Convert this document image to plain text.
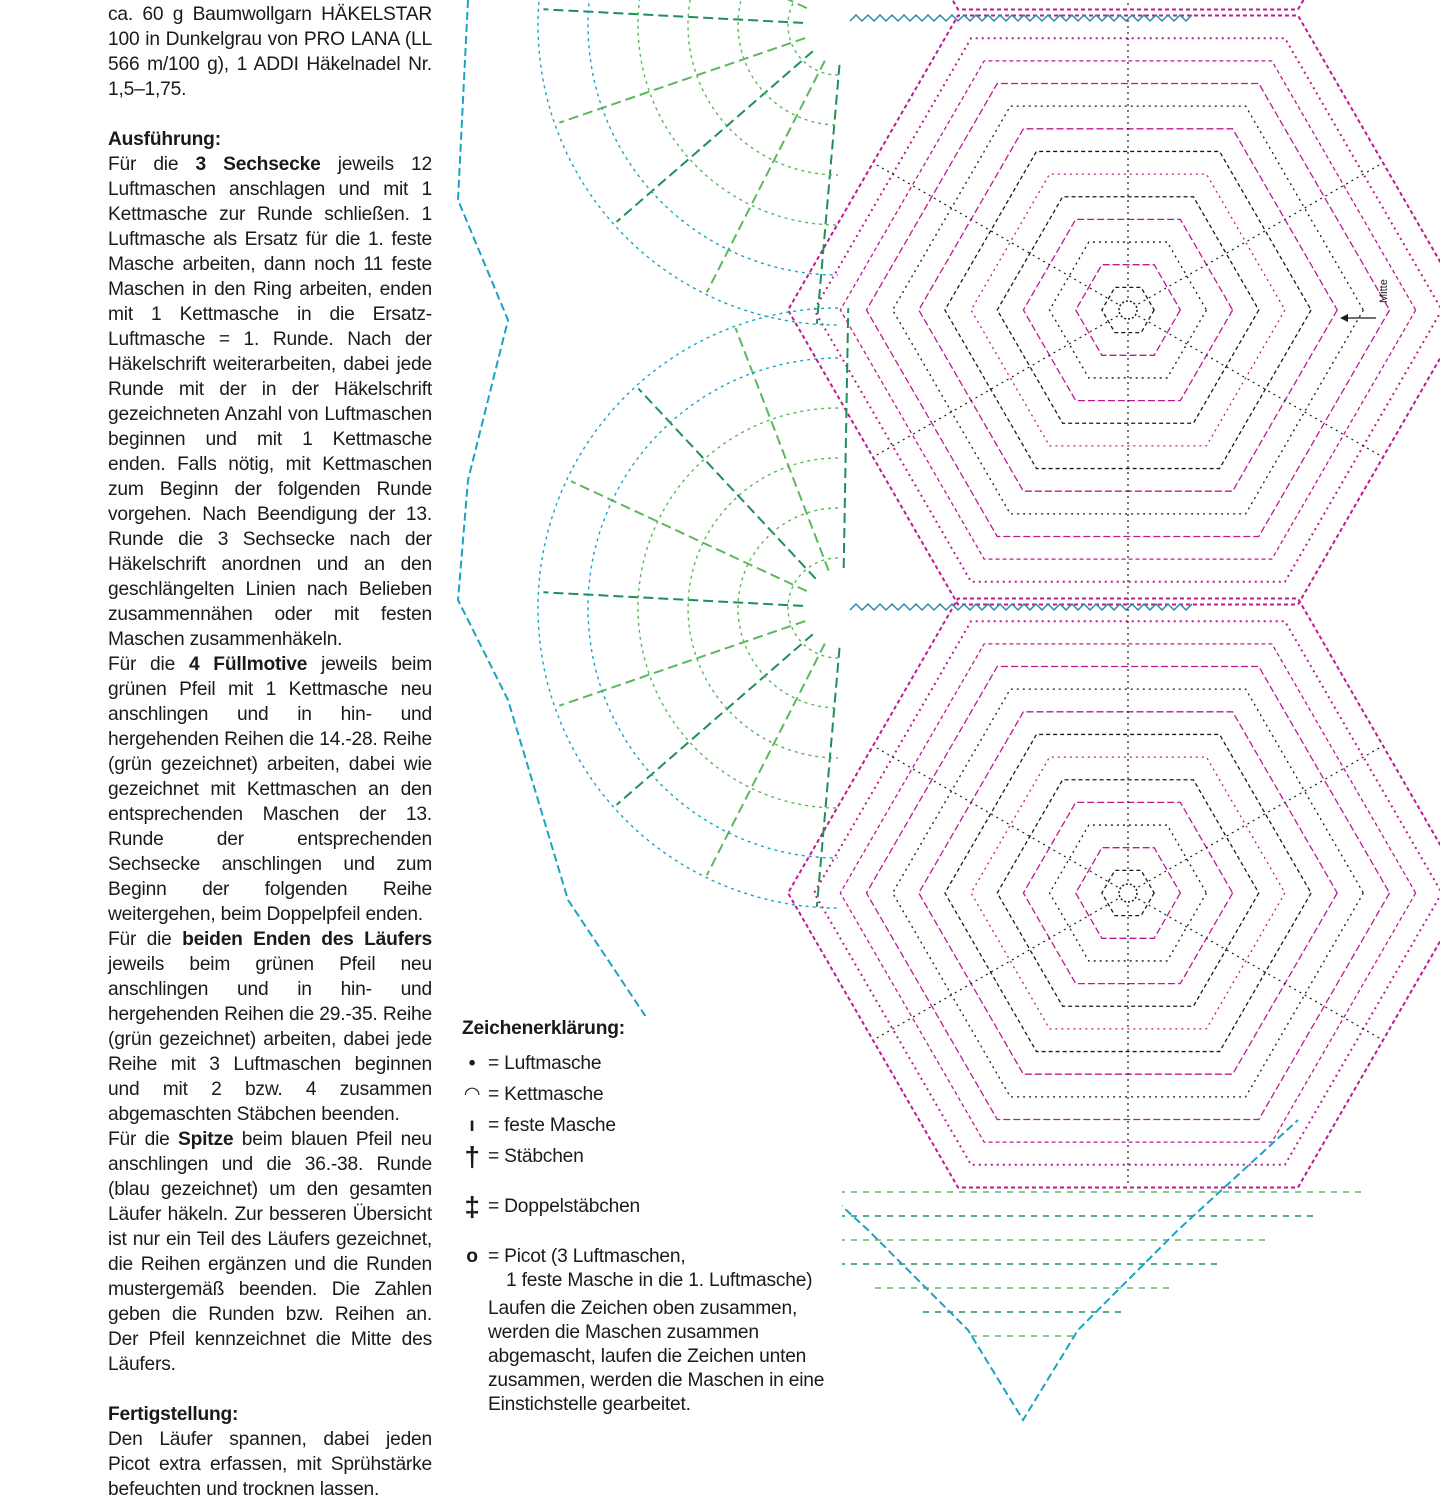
ca. 60 g Baumwollgarn HÄKELSTAR 100 in Dunkelgrau von PRO LANA (LL 566 m/100 g), 1 ADDI Häkelnadel Nr. 1,5–1,75.

Ausführung:

Für die 3 Sechsecke jeweils 12 Luftmaschen anschlagen und mit 1 Kettmasche zur Runde schließen. 1 Luftmasche als Ersatz für die 1. feste Masche arbeiten, dann noch 11 feste Maschen in den Ring arbeiten, enden mit 1 Kettmasche in die Ersatz-Luftmasche = 1. Runde. Nach der Häkelschrift weiterarbeiten, dabei jede Runde mit der in der Häkelschrift gezeichneten Anzahl von Luftmaschen beginnen und mit 1 Kettmasche enden. Falls nötig, mit Kettmaschen zum Beginn der folgenden Runde vorgehen. Nach Beendigung der 13. Runde die 3 Sechsecke nach der Häkelschrift anordnen und an den geschlängelten Linien nach Belieben zusammennähen oder mit festen Maschen zusammenhäkeln.

Für die 4 Füllmotive jeweils beim grünen Pfeil mit 1 Kettmasche neu anschlingen und in hin- und hergehenden Reihen die 14.-28. Reihe (grün gezeichnet) arbeiten, dabei wie gezeichnet mit Kettmaschen an den entsprechenden Maschen der 13. Runde der entsprechenden Sechsecke anschlingen und zum Beginn der folgenden Reihe weitergehen, beim Doppelpfeil enden.

Für die beiden Enden des Läufers jeweils beim grünen Pfeil neu anschlingen und in hin- und hergehenden Reihen die 29.-35. Reihe (grün gezeichnet) arbeiten, dabei jede Reihe mit 3 Luftmaschen beginnen und mit 2 bzw. 4 zusammen abgemaschten Stäbchen beenden.

Für die Spitze beim blauen Pfeil neu anschlingen und die 36.-38. Runde (blau gezeichnet) um den gesamten Läufer häkeln. Zur besseren Übersicht ist nur ein Teil des Läufers gezeichnet, die Reihen ergänzen und die Runden mustergemäß beenden. Die Zahlen geben die Runden bzw. Reihen an. Der Pfeil kennzeichnet die Mitte des Läufers.

Fertigstellung:

Den Läufer spannen, dabei jeden Picot extra erfassen, mit Sprühstärke befeuchten und trocknen lassen.

Mitte
Zeichenerklärung:
• = Luftmasche
◠ = Kettmasche
ı = feste Masche
† = Stäbchen
‡ = Doppelstäbchen
o = Picot (3 Luftmaschen,
1 feste Masche in die 1. Luftmasche)
Laufen die Zeichen oben zusammen, werden die Maschen zusammen abgemascht, laufen die Zeichen unten zusammen, werden die Maschen in eine Einstichstelle gearbeitet.
